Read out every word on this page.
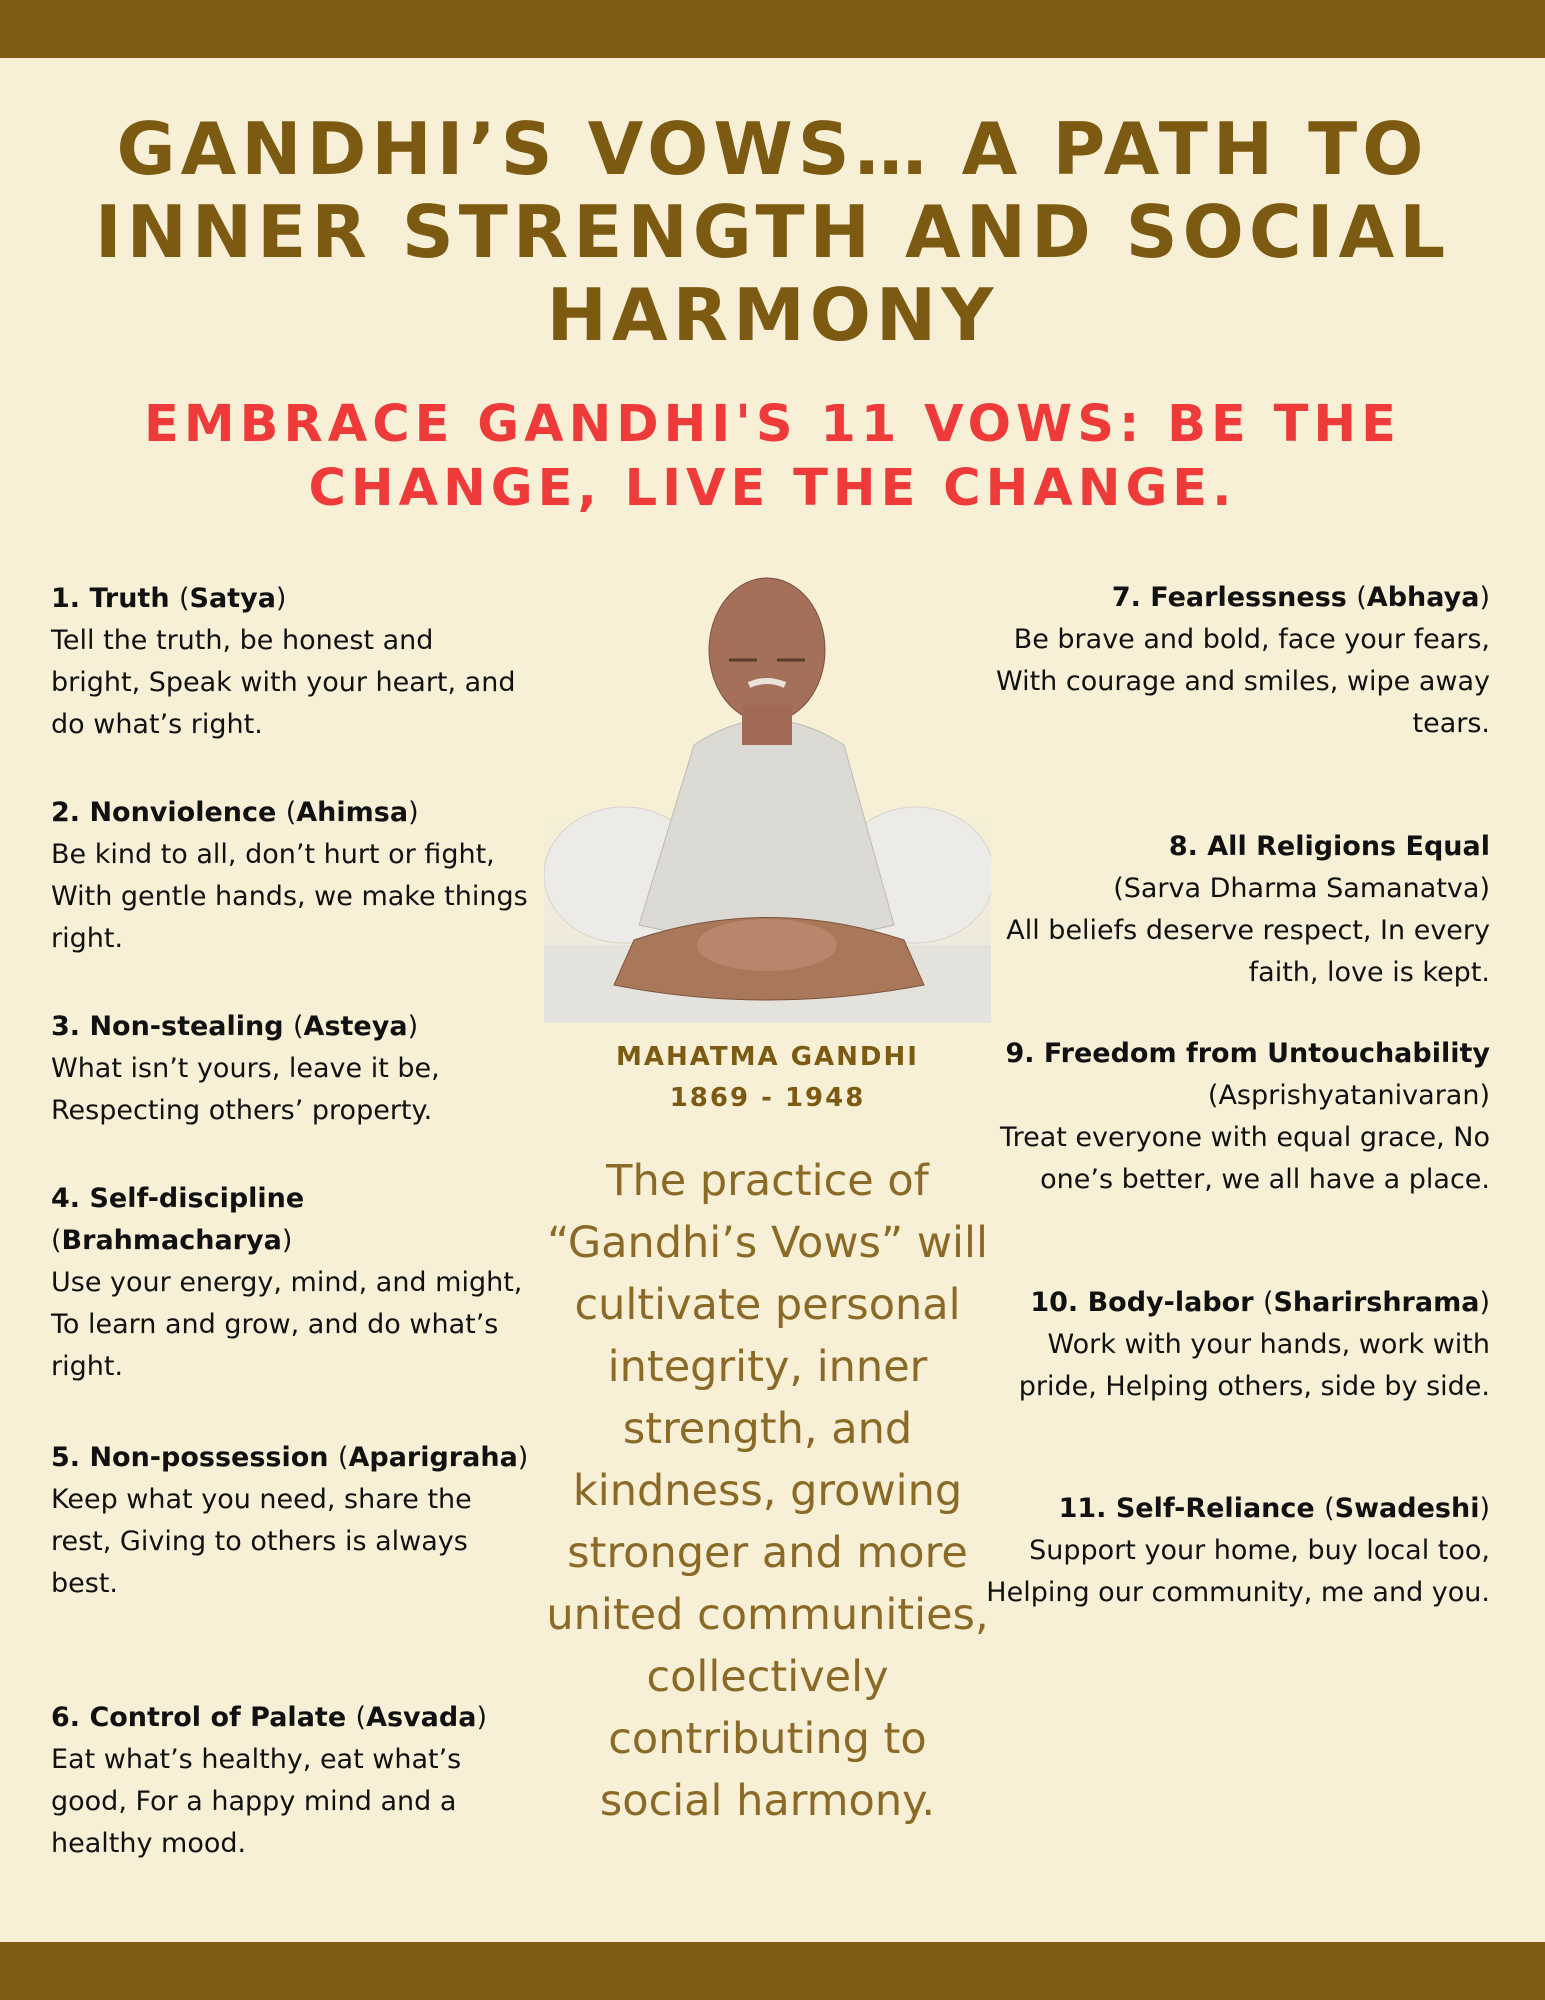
GANDHI’S VOWS… A PATH TO INNER STRENGTH AND SOCIAL HARMONY
EMBRACE GANDHI'S 11 VOWS: BE THE CHANGE, LIVE THE CHANGE.
1. Truth (Satya)
Tell the truth, be honest and bright, Speak with your heart, and do what’s right.
2. Nonviolence (Ahimsa)
Be kind to all, don’t hurt or fight, With gentle hands, we make things right.
3. Non-stealing (Asteya)
What isn’t yours, leave it be, Respecting others’ property.
4. Self-discipline (Brahmacharya)
Use your energy, mind, and might, To learn and grow, and do what’s right.
5. Non-possession (Aparigraha)
Keep what you need, share the rest, Giving to others is always best.
6. Control of Palate (Asvada)
Eat what’s healthy, eat what’s good, For a happy mind and a healthy mood.
MAHATMA GANDHI
1869 - 1948
The practice of “Gandhi’s Vows” will cultivate personal integrity, inner strength, and kindness, growing stronger and more united communities, collectively contributing to social harmony.
7. Fearlessness (Abhaya)
Be brave and bold, face your fears, With courage and smiles, wipe away tears.
8. All Religions Equal
(Sarva Dharma Samanatva)
All beliefs deserve respect, In every faith, love is kept.
9. Freedom from Untouchability
(Asprishyatanivaran)
Treat everyone with equal grace, No one’s better, we all have a place.
10. Body-labor (Sharirshrama)
Work with your hands, work with pride, Helping others, side by side.
11. Self-Reliance (Swadeshi)
Support your home, buy local too, Helping our community, me and you.
